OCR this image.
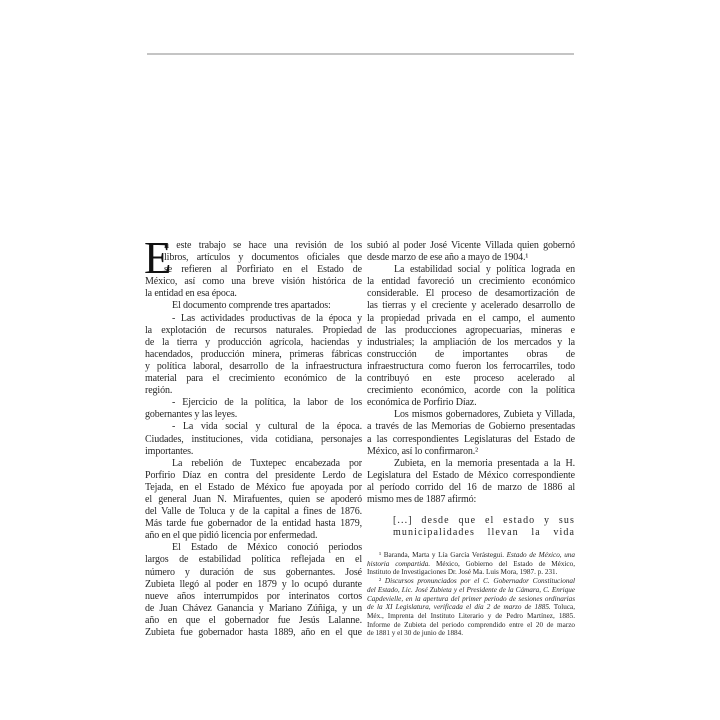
E
n este trabajo se hace una revisión de los
libros, artículos y documentos oficiales que
se refieren al Porfiriato en el Estado de
México, así como una breve visión histórica de
la entidad en esa época.
El documento comprende tres apartados:
- Las actividades productivas de la época y
la explotación de recursos naturales. Propiedad
de la tierra y producción agrícola, haciendas y
hacendados, producción minera, primeras fábricas
y política laboral, desarrollo de la infraestructura
material para el crecimiento económico de la
región.
- Ejercicio de la política, la labor de los
gobernantes y las leyes.
- La vida social y cultural de la época.
Ciudades, instituciones, vida cotidiana, personajes
importantes.
La rebelión de Tuxtepec encabezada por
Porfirio Díaz en contra del presidente Lerdo de
Tejada, en el Estado de México fue apoyada por
el general Juan N. Mirafuentes, quien se apoderó
del Valle de Toluca y de la capital a fines de 1876.
Más tarde fue gobernador de la entidad hasta 1879,
año en el que pidió licencia por enfermedad.
El Estado de México conoció periodos
largos de estabilidad política reflejada en el
número y duración de sus gobernantes. José
Zubieta llegó al poder en 1879 y lo ocupó durante
nueve años interrumpidos por interinatos cortos
de Juan Chávez Ganancia y Mariano Zúñiga, y un
año en que el gobernador fue Jesús Lalanne.
Zubieta fue gobernador hasta 1889, año en el que
subió al poder José Vicente Villada quien gobernó
desde marzo de ese año a mayo de 1904.¹
La estabilidad social y política lograda en
la entidad favoreció un crecimiento económico
considerable. El proceso de desamortización de
las tierras y el creciente y acelerado desarrollo de
la propiedad privada en el campo, el aumento
de las producciones agropecuarias, mineras e
industriales; la ampliación de los mercados y la
construcción de importantes obras de
infraestructura como fueron los ferrocarriles, todo
contribuyó en este proceso acelerado al
crecimiento económico, acorde con la política
económica de Porfirio Díaz.
Los mismos gobernadores, Zubieta y Villada,
a través de las Memorias de Gobierno presentadas
a las correspondientes Legislaturas del Estado de
México, así lo confirmaron.²
Zubieta, en la memoria presentada a la H.
Legislatura del Estado de México correspondiente
al período corrido del 16 de marzo de 1886 al
mismo mes de 1887 afirmó:
[...] desde que el estado y sus
municipalidades llevan la vida
¹ Baranda, Marta y Lía García Verástegui. Estado de México, una
historia compartida. México, Gobierno del Estado de México,
Instituto de Investigaciones Dr. José Ma. Luis Mora, 1987. p. 231.
² Discursos pronunciados por el C. Gobernador Constitucional
del Estado, Lic. José Zubieta y el Presidente de la Cámara, C. Enrique
Capdevielle, en la apertura del primer periodo de sesiones ordinarias
de la XI Legislatura, verificada el día 2 de marzo de 1885. Toluca,
Méx., Imprenta del Instituto Literario y de Pedro Martínez, 1885.
Informe de Zubieta del periodo comprendido entre el 20 de marzo
de 1881 y el 30 de junio de 1884.
